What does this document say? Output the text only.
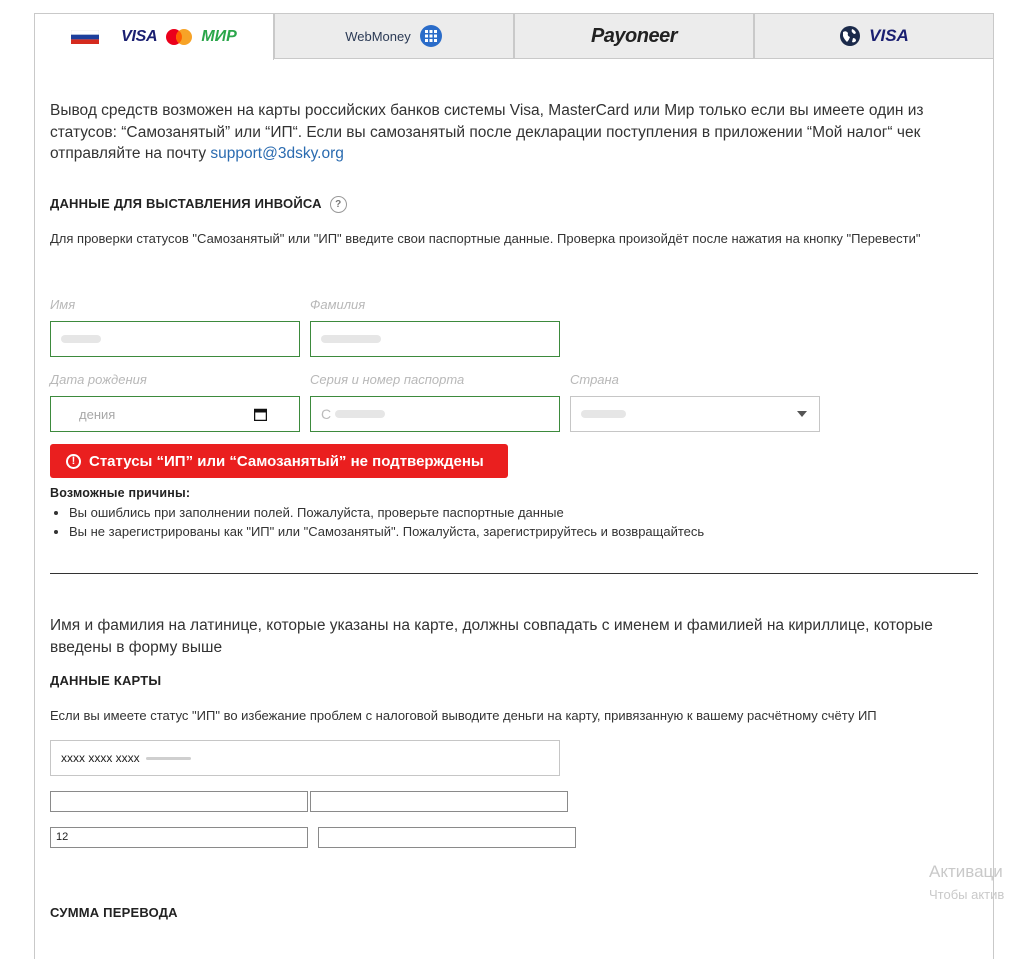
VISA	МИР	WebMoney	Payoneer	VISA
Вывод средств возможен на карты российских банков системы Visa, MasterCard или Мир только если вы имеете один из статусов: “Самозанятый” или “ИП“. Если вы самозанятый после декларации поступления в приложении “Мой налог“ чек отправляйте на почту support@3dsky.org
ДАННЫЕ ДЛЯ ВЫСТАВЛЕНИЯ ИНВОЙСА ?
Для проверки статусов "Самозанятый" или "ИП" введите свои паспортные данные. Проверка произойдёт после нажатия на кнопку "Перевести"
Имя	Фамилия
Дата рождения	Серия и номер паспорта	Страна
дения	С
! Статусы “ИП” или “Самозанятый” не подтверждены
Возможные причины:
• Вы ошиблись при заполнении полей. Пожалуйста, проверьте паспортные данные
• Вы не зарегистрированы как "ИП" или "Самозанятый". Пожалуйста, зарегистрируйтесь и возвращайтесь
Имя и фамилия на латинице, которые указаны на карте, должны совпадать с именем и фамилией на кириллице, которые введены в форму выше
ДАННЫЕ КАРТЫ
Если вы имеете статус "ИП" во избежание проблем с налоговой выводите деньги на карту, привязанную к вашему расчётному счёту ИП
xxxx xxxx xxxx
12
СУММА ПЕРЕВОДА
Активаци
Чтобы актив
